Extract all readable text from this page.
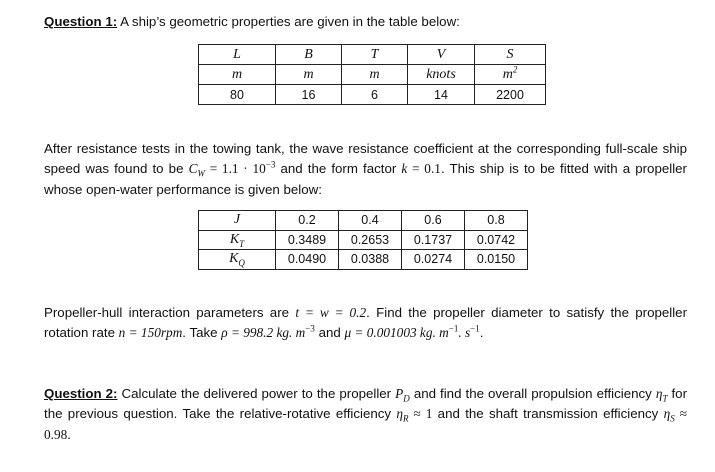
Question 1: A ship’s geometric properties are given in the table below:

L	B	T	V	S
m	m	m	knots	$m^2$
80	16	6	14	2200

After resistance tests in the towing tank, the wave resistance coefficient at the corresponding full-scale ship speed was found to be $C_W = 1.1 \cdot 10^{-3}$ and the form factor k = 0.1. This ship is to be fitted with a propeller whose open-water performance is given below:

J	0.2	0.4	0.6	0.8
$K_T$	0.3489	0.2653	0.1737	0.0742
$K_Q$	0.0490	0.0388	0.0274	0.0150

Propeller-hull interaction parameters are t = w = 0.2. Find the propeller diameter to satisfy the propeller rotation rate n = 150rpm. Take ρ = 998.2 kg. $m^{-3}$ and μ = 0.001003 kg. $m^{-1}$. $s^{-1}$.

Question 2: Calculate the delivered power to the propeller $P_D$ and find the overall propulsion efficiency $\eta_T$ for the previous question. Take the relative-rotative efficiency $\eta_R \approx 1$ and the shaft transmission efficiency $\eta_S \approx 0.98$.
